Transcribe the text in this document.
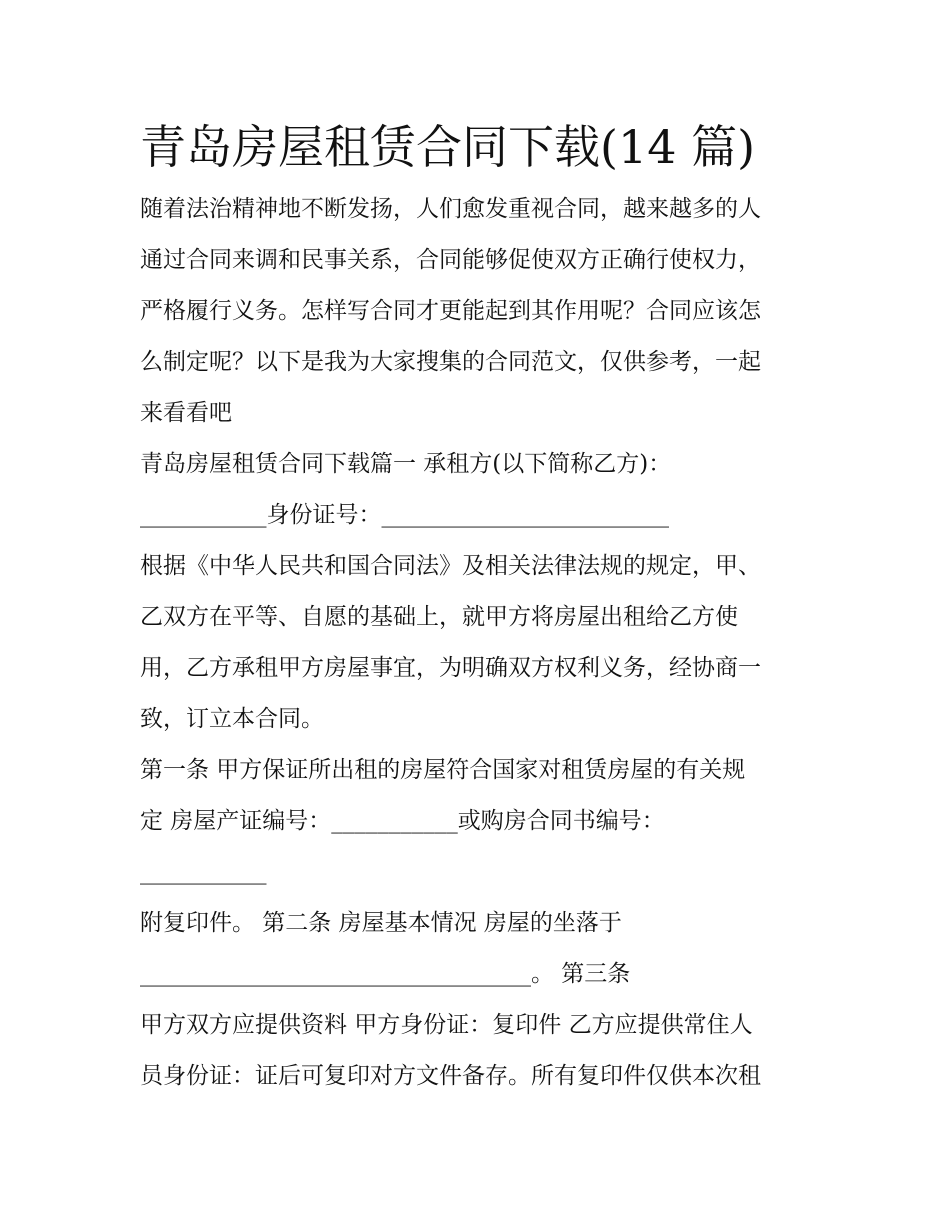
青岛房屋租赁合同下载(14 篇)
随着法治精神地不断发扬，人们愈发重视合同，越来越多的人
通过合同来调和民事关系，合同能够促使双方正确行使权力，
严格履行义务。怎样写合同才更能起到其作用呢？合同应该怎
么制定呢？以下是我为大家搜集的合同范文，仅供参考，一起
来看看吧
青岛房屋租赁合同下载篇一 承租方(以下简称乙方)：
___________身份证号：_________________________
根据《中华人民共和国合同法》及相关法律法规的规定，甲、
乙双方在平等、自愿的基础上，就甲方将房屋出租给乙方使
用，乙方承租甲方房屋事宜，为明确双方权利义务，经协商一
致，订立本合同。
第一条 甲方保证所出租的房屋符合国家对租赁房屋的有关规
定 房屋产证编号：___________或购房合同书编号：
___________
附复印件。 第二条 房屋基本情况 房屋的坐落于
__________________________________。 第三条
甲方双方应提供资料 甲方身份证：复印件 乙方应提供常住人
员身份证：证后可复印对方文件备存。所有复印件仅供本次租
